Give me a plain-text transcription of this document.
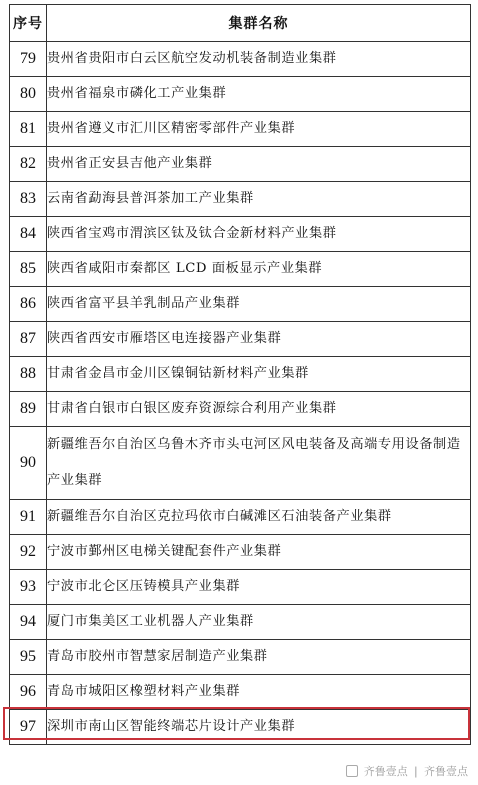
序号	集群名称
79	贵州省贵阳市白云区航空发动机装备制造业集群
80	贵州省福泉市磷化工产业集群
81	贵州省遵义市汇川区精密零部件产业集群
82	贵州省正安县吉他产业集群
83	云南省勐海县普洱茶加工产业集群
84	陕西省宝鸡市渭滨区钛及钛合金新材料产业集群
85	陕西省咸阳市秦都区 LCD 面板显示产业集群
86	陕西省富平县羊乳制品产业集群
87	陕西省西安市雁塔区电连接器产业集群
88	甘肃省金昌市金川区镍铜钴新材料产业集群
89	甘肃省白银市白银区废弃资源综合利用产业集群
90	新疆维吾尔自治区乌鲁木齐市头屯河区风电装备及高端专用设备制造产业集群
91	新疆维吾尔自治区克拉玛依市白碱滩区石油装备产业集群
92	宁波市鄞州区电梯关键配套件产业集群
93	宁波市北仑区压铸模具产业集群
94	厦门市集美区工业机器人产业集群
95	青岛市胶州市智慧家居制造产业集群
96	青岛市城阳区橡塑材料产业集群
97	深圳市南山区智能终端芯片设计产业集群
齐鲁壹点 ❘ 齐鲁壹点
